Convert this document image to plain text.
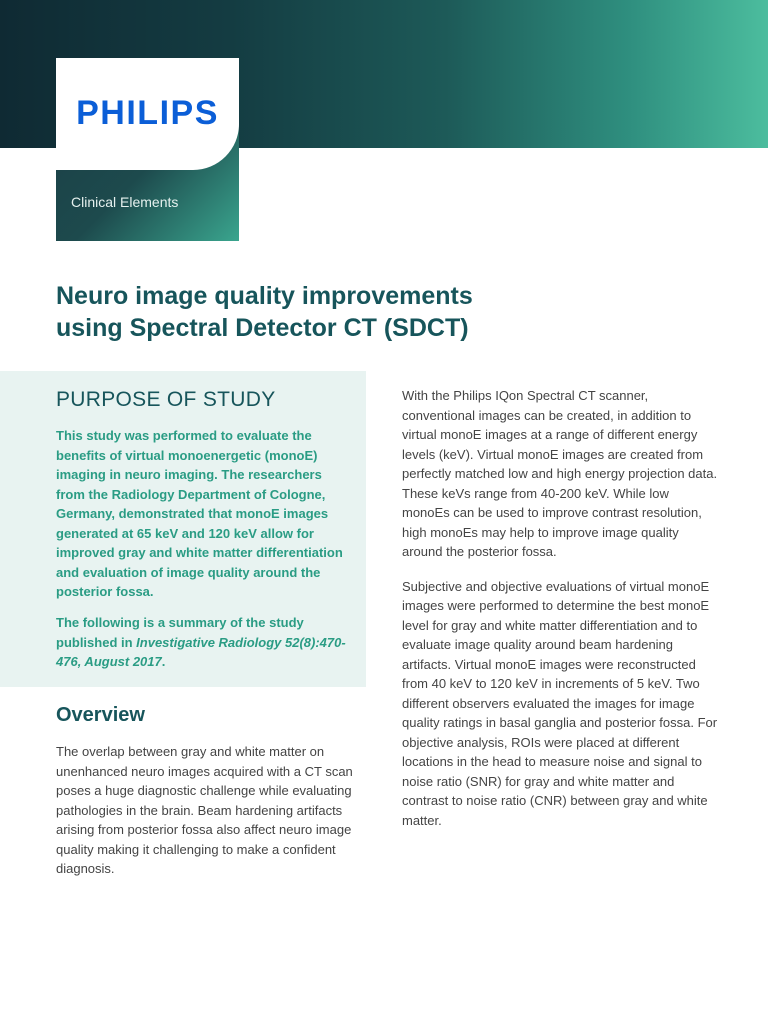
PHILIPS
Clinical Elements
Neuro image quality improvements
using Spectral Detector CT (SDCT)
PURPOSE OF STUDY

This study was performed to evaluate the benefits of virtual monoenergetic (monoE) imaging in neuro imaging. The researchers from the Radiology Department of Cologne, Germany, demonstrated that monoE images generated at 65 keV and 120 keV allow for improved gray and white matter differentiation and evaluation of image quality around the posterior fossa.

The following is a summary of the study published in Investigative Radiology 52(8):470-476, August 2017.

Overview

The overlap between gray and white matter on unenhanced neuro images acquired with a CT scan poses a huge diagnostic challenge while evaluating pathologies in the brain. Beam hardening artifacts arising from posterior fossa also affect neuro image quality making it challenging to make a confident diagnosis.

With the Philips IQon Spectral CT scanner, conventional images can be created, in addition to virtual monoE images at a range of different energy levels (keV). Virtual monoE images are created from perfectly matched low and high energy projection data. These keVs range from 40-200 keV. While low monoEs can be used to improve contrast resolution, high monoEs may help to improve image quality around the posterior fossa.

Subjective and objective evaluations of virtual monoE images were performed to determine the best monoE level for gray and white matter differentiation and to evaluate image quality around beam hardening artifacts. Virtual monoE images were reconstructed from 40 keV to 120 keV in increments of 5 keV. Two different observers evaluated the images for image quality ratings in basal ganglia and posterior fossa. For objective analysis, ROIs were placed at different locations in the head to measure noise and signal to noise ratio (SNR) for gray and white matter and contrast to noise ratio (CNR) between gray and white matter.
